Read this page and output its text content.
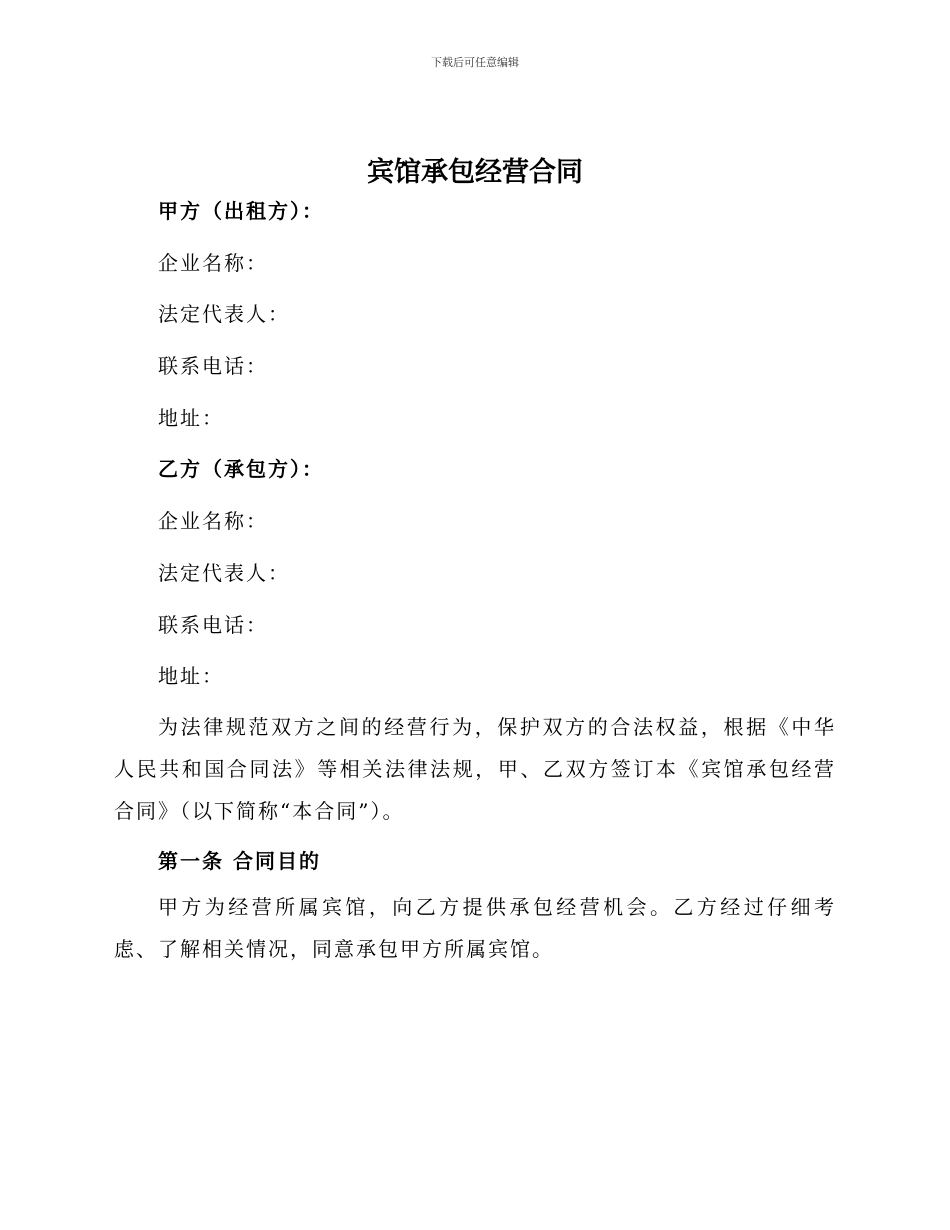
下载后可任意编辑
宾馆承包经营合同
甲方（出租方）：
企业名称：
法定代表人：
联系电话：
地址：
乙方（承包方）：
企业名称：
法定代表人：
联系电话：
地址：

为法律规范双方之间的经营行为，保护双方的合法权益，根据《中华人民共和国合同法》等相关法律法规，甲、乙双方签订本《宾馆承包经营合同》（以下简称“本合同”）。

第一条 合同目的

甲方为经营所属宾馆，向乙方提供承包经营机会。乙方经过仔细考虑、了解相关情况，同意承包甲方所属宾馆。
